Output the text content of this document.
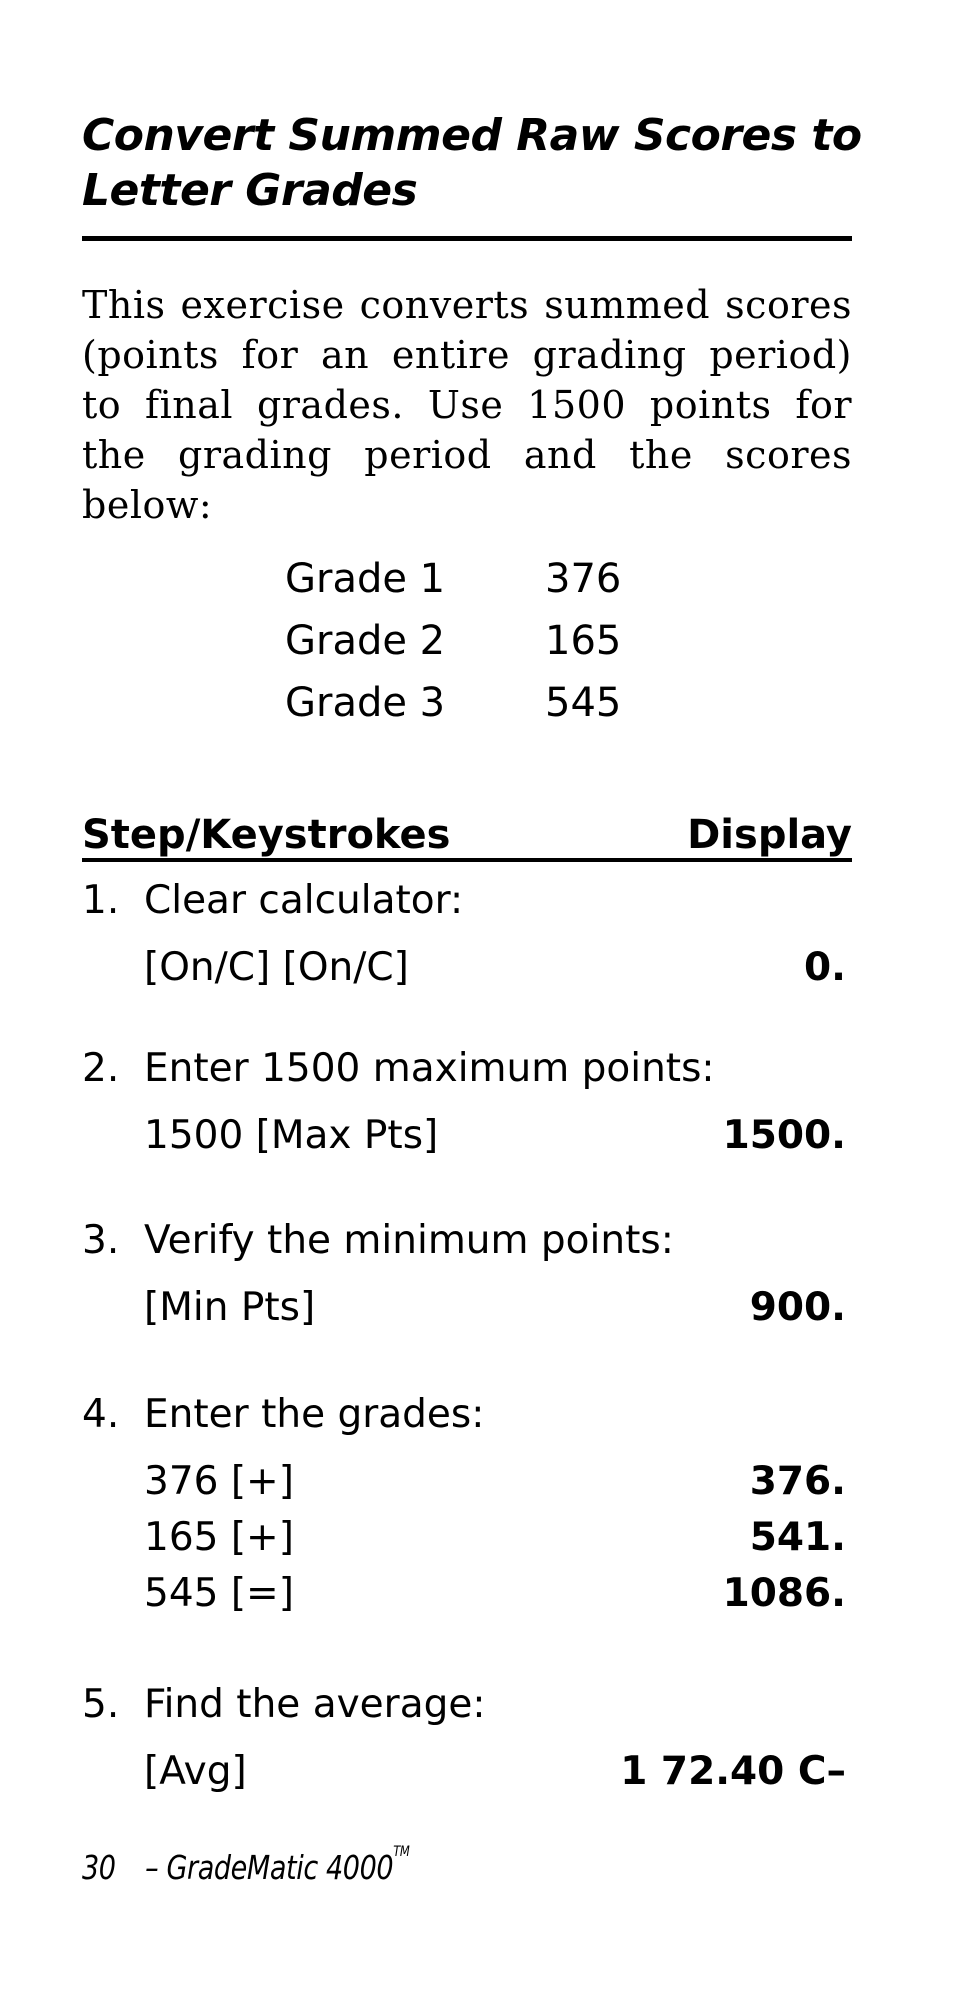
Convert Summed Raw Scores to
Letter Grades
This exercise converts summed scores (points for an entire grading period) to final grades. Use 1500 points for the grading period and the scores below:
Grade 1	376
Grade 2	165
Grade 3	545
Step/Keystrokes	Display
1. Clear calculator:
[On/C] [On/C]	0.
2. Enter 1500 maximum points:
1500 [Max Pts]	1500.
3. Verify the minimum points:
[Min Pts]	900.
4. Enter the grades:
376 [+]	376.
165 [+]	541.
545 [=]	1086.
5. Find the average:
[Avg]	1 72.40 C–
30 – GradeMatic 4000™
